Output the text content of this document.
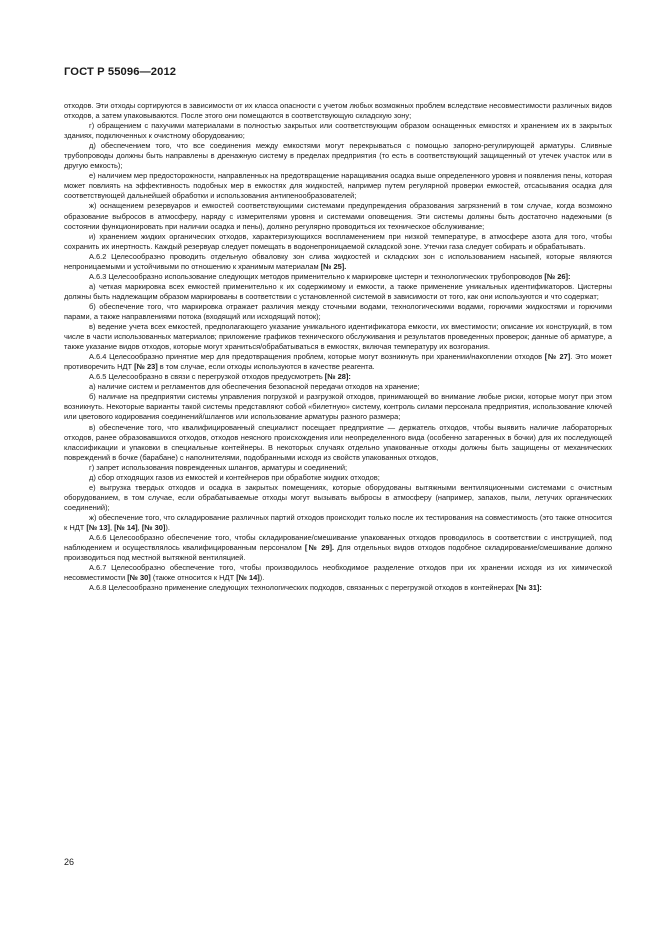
ГОСТ Р 55096—2012

отходов. Эти отходы сортируются в зависимости от их класса опасности с учетом любых возможных проблем вследствие несовместимости различных видов отходов, а затем упаковываются. После этого они помещаются в соответствующую складскую зону;

г) обращением с пахучими материалами в полностью закрытых или соответствующим образом оснащенных емкостях и хранением их в закрытых зданиях, подключенных к очистному оборудованию;

д) обеспечением того, что все соединения между емкостями могут перекрываться с помощью запорно-регулирующей арматуры. Сливные трубопроводы должны быть направлены в дренажную систему в пределах предприятия (то есть в соответствующий защищенный от утечек участок или в другую емкость);

е) наличием мер предосторожности, направленных на предотвращение наращивания осадка выше определенного уровня и появления пены, которая может повлиять на эффективность подобных мер в емкостях для жидкостей, например путем регулярной проверки емкостей, отсасывания осадка для соответствующей дальнейшей обработки и использования антипенообразователей;

ж) оснащением резервуаров и емкостей соответствующими системами предупреждения образования загрязнений в том случае, когда возможно образование выбросов в атмосферу, наряду с измерителями уровня и системами оповещения. Эти системы должны быть достаточно надежными (в состоянии функционировать при наличии осадка и пены), должно регулярно проводиться их техническое обслуживание;

и) хранением жидких органических отходов, характеризующихся воспламенением при низкой температуре, в атмосфере азота для того, чтобы сохранить их инертность. Каждый резервуар следует помещать в водонепроницаемой складской зоне. Утечки газа следует собирать и обрабатывать.

А.6.2 Целесообразно проводить отдельную обваловку зон слива жидкостей и складских зон с использованием насыпей, которые являются непроницаемыми и устойчивыми по отношению к хранимым материалам [№ 25].

А.6.3 Целесообразно использование следующих методов применительно к маркировке цистерн и технологических трубопроводов [№ 26]:

а) четкая маркировка всех емкостей применительно к их содержимому и емкости, а также применение уникальных идентификаторов. Цистерны должны быть надлежащим образом маркированы в соответствии с установленной системой в зависимости от того, как они используются и что содержат;

б) обеспечение того, что маркировка отражает различия между сточными водами, технологическими водами, горючими жидкостями и горючими парами, а также направлениями потока (входящий или исходящий поток);

в) ведение учета всех емкостей, предполагающего указание уникального идентификатора емкости, их вместимости; описание их конструкций, в том числе в части использованных материалов; приложение графиков технического обслуживания и результатов проведенных проверок; данные об арматуре, а также указание видов отходов, которые могут храниться/обрабатываться в емкостях, включая температуру их возгорания.

А.6.4 Целесообразно принятие мер для предотвращения проблем, которые могут возникнуть при хранении/накоплении отходов [№ 27]. Это может противоречить НДТ [№ 23] в том случае, если отходы используются в качестве реагента.

А.6.5 Целесообразно в связи с перегрузкой отходов предусмотреть [№ 28]:

а) наличие систем и регламентов для обеспечения безопасной передачи отходов на хранение;

б) наличие на предприятии системы управления погрузкой и разгрузкой отходов, принимающей во внимание любые риски, которые могут при этом возникнуть. Некоторые варианты такой системы представляют собой «билетную» систему, контроль силами персонала предприятия, использование ключей или цветового кодирования соединений/шлангов или использование арматуры разного размера;

в) обеспечение того, что квалифицированный специалист посещает предприятие — держатель отходов, чтобы выявить наличие лабораторных отходов, ранее образовавшихся отходов, отходов неясного происхождения или неопределенного вида (особенно затаренных в бочки) для их последующей классификации и упаковки в специальные контейнеры. В некоторых случаях отдельно упакованные отходы должны быть защищены от механических повреждений в бочке (барабане) с наполнителями, подобранными исходя из свойств упакованных отходов,

г) запрет использования поврежденных шлангов, арматуры и соединений;

д) сбор отходящих газов из емкостей и контейнеров при обработке жидких отходов;

е) выгрузка твердых отходов и осадка в закрытых помещениях, которые оборудованы вытяжными вентиляционными системами с очистным оборудованием, в том случае, если обрабатываемые отходы могут вызывать выбросы в атмосферу (например, запахов, пыли, летучих органических соединений);

ж) обеспечение того, что складирование различных партий отходов происходит только после их тестирования на совместимость (это также относится к НДТ [№ 13], [№ 14], [№ 30]).

А.6.6 Целесообразно обеспечение того, чтобы складирование/смешивание упакованных отходов проводилось в соответствии с инструкцией, под наблюдением и осуществлялось квалифицированным персоналом [№ 29]. Для отдельных видов отходов подобное складирование/смешивание должно производиться под местной вытяжной вентиляцией.

А.6.7 Целесообразно обеспечение того, чтобы производилось необходимое разделение отходов при их хранении исходя из их химической несовместимости [№ 30] (также относится к НДТ [№ 14]).

А.6.8 Целесообразно применение следующих технологических подходов, связанных с перегрузкой отходов в контейнерах [№ 31]:

26
